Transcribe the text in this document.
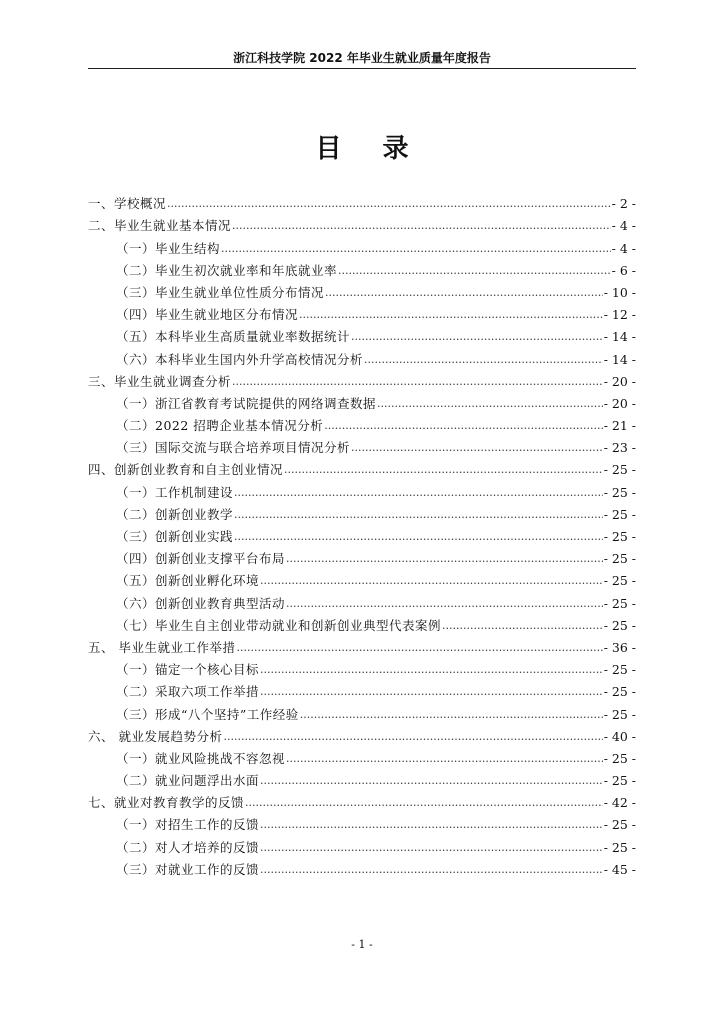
浙江科技学院 2022 年毕业生就业质量年度报告
目 录
一、学校概况 .....	- 2 -
二、毕业生就业基本情况 .....	- 4 -
（一）毕业生结构 .....	- 4 -
（二）毕业生初次就业率和年底就业率 .....	- 6 -
（三）毕业生就业单位性质分布情况 .....	- 10 -
（四）毕业生就业地区分布情况 .....	- 12 -
（五）本科毕业生高质量就业率数据统计 .....	- 14 -
（六）本科毕业生国内外升学高校情况分析 .....	- 14 -
三、毕业生就业调查分析 .....	- 20 -
（一）浙江省教育考试院提供的网络调查数据 .....	- 20 -
（二）2022 招聘企业基本情况分析 .....	- 21 -
（三）国际交流与联合培养项目情况分析 .....	- 23 -
四、创新创业教育和自主创业情况 .....	- 25 -
（一）工作机制建设 .....	- 25 -
（二）创新创业教学 .....	- 25 -
（三）创新创业实践 .....	- 25 -
（四）创新创业支撑平台布局 .....	- 25 -
（五）创新创业孵化环境 .....	- 25 -
（六）创新创业教育典型活动 .....	- 25 -
（七）毕业生自主创业带动就业和创新创业典型代表案例 .....	- 25 -
五、 毕业生就业工作举措 .....	- 36 -
（一）锚定一个核心目标 .....	- 25 -
（二）采取六项工作举措 .....	- 25 -
（三）形成“八个坚持”工作经验 .....	- 25 -
六、 就业发展趋势分析 .....	- 40 -
（一）就业风险挑战不容忽视 .....	- 25 -
（二）就业问题浮出水面 .....	- 25 -
七、就业对教育教学的反馈 .....	- 42 -
（一）对招生工作的反馈 .....	- 25 -
（二）对人才培养的反馈 .....	- 25 -
（三）对就业工作的反馈 .....	- 45 -
- 1 -
